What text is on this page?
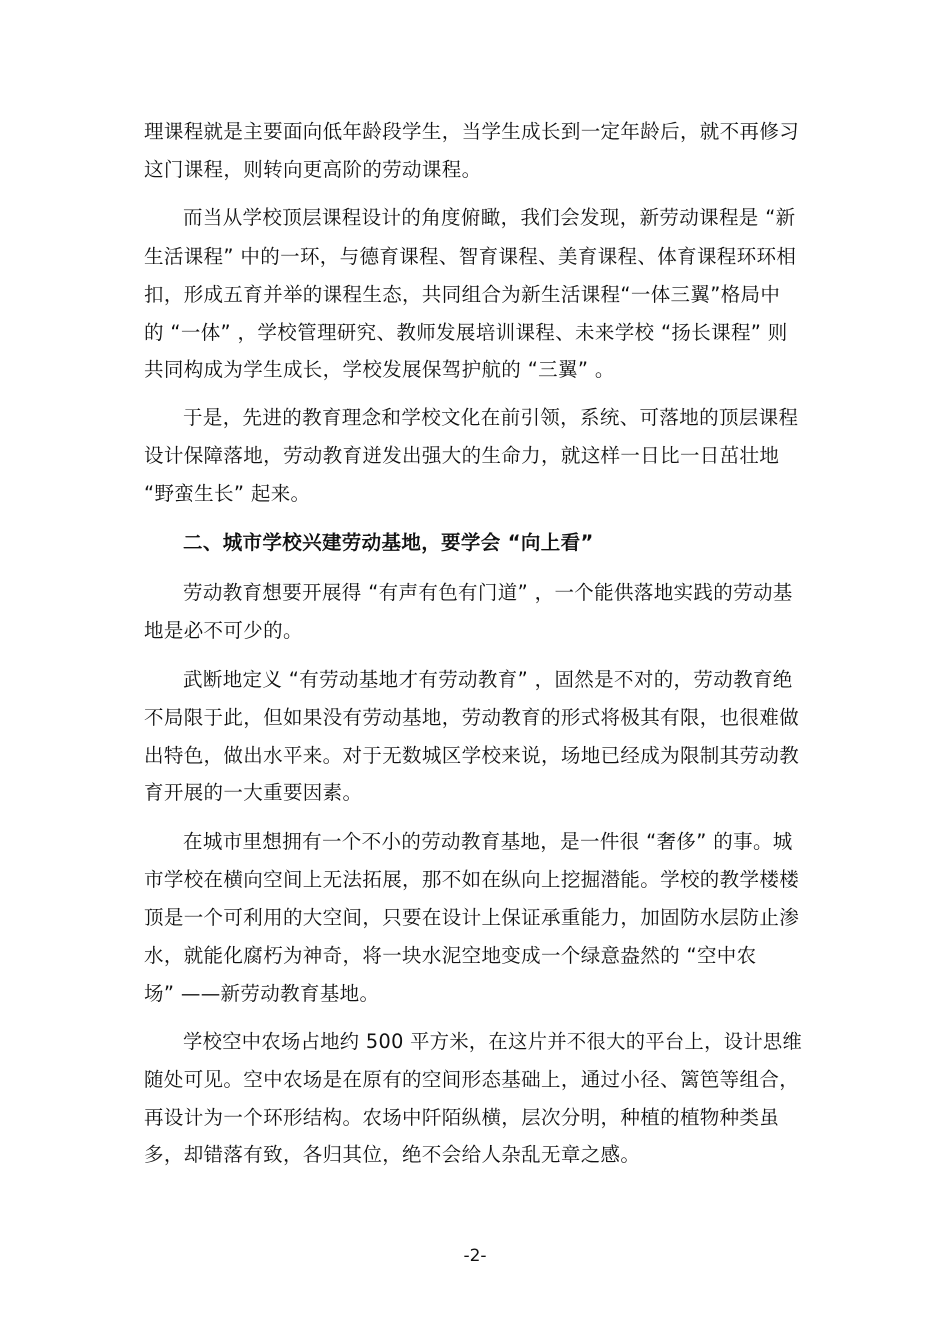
理课程就是主要面向低年龄段学生，当学生成长到一定年龄后，就不再修习
这门课程，则转向更高阶的劳动课程。
而当从学校顶层课程设计的角度俯瞰，我们会发现，新劳动课程是 “新
生活课程” 中的一环，与德育课程、智育课程、美育课程、体育课程环环相
扣，形成五育并举的课程生态，共同组合为新生活课程“一体三翼”格局中
的 “一体” ，学校管理研究、教师发展培训课程、未来学校 “扬长课程” 则
共同构成为学生成长，学校发展保驾护航的 “三翼” 。
于是，先进的教育理念和学校文化在前引领，系统、可落地的顶层课程
设计保障落地，劳动教育迸发出强大的生命力，就这样一日比一日茁壮地
“野蛮生长” 起来。
二、城市学校兴建劳动基地，要学会 “向上看”
劳动教育想要开展得 “有声有色有门道” ，一个能供落地实践的劳动基
地是必不可少的。
武断地定义 “有劳动基地才有劳动教育” ，固然是不对的，劳动教育绝
不局限于此，但如果没有劳动基地，劳动教育的形式将极其有限，也很难做
出特色，做出水平来。对于无数城区学校来说，场地已经成为限制其劳动教
育开展的一大重要因素。
在城市里想拥有一个不小的劳动教育基地，是一件很 “奢侈” 的事。城
市学校在横向空间上无法拓展，那不如在纵向上挖掘潜能。学校的教学楼楼
顶是一个可利用的大空间，只要在设计上保证承重能力，加固防水层防止渗
水，就能化腐朽为神奇，将一块水泥空地变成一个绿意盎然的 “空中农
场” ——新劳动教育基地。
学校空中农场占地约 500 平方米，在这片并不很大的平台上，设计思维
随处可见。空中农场是在原有的空间形态基础上，通过小径、篱笆等组合，
再设计为一个环形结构。农场中阡陌纵横，层次分明，种植的植物种类虽
多，却错落有致，各归其位，绝不会给人杂乱无章之感。
-2-
